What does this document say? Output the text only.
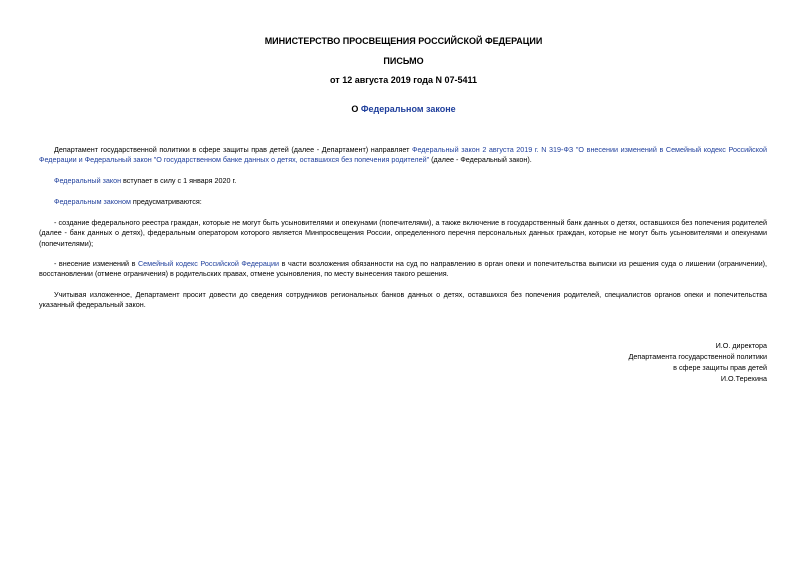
МИНИСТЕРСТВО ПРОСВЕЩЕНИЯ РОССИЙСКОЙ ФЕДЕРАЦИИ
ПИСЬМО
от 12 августа 2019 года N 07-5411
О Федеральном законе
Департамент государственной политики в сфере защиты прав детей (далее - Департамент) направляет Федеральный закон 2 августа 2019 г. N 319-ФЗ "О внесении изменений в Семейный кодекс Российской Федерации и Федеральный закон "О государственном банке данных о детях, оставшихся без попечения родителей" (далее - Федеральный закон).
Федеральный закон вступает в силу с 1 января 2020 г.
Федеральным законом предусматриваются:
- создание федерального реестра граждан, которые не могут быть усыновителями и опекунами (попечителями), а также включение в государственный банк данных о детях, оставшихся без попечения родителей (далее - банк данных о детях), федеральным оператором которого является Минпросвещения России, определенного перечня персональных данных граждан, которые не могут быть усыновителями и опекунами (попечителями);
- внесение изменений в Семейный кодекс Российской Федерации в части возложения обязанности на суд по направлению в орган опеки и попечительства выписки из решения суда о лишении (ограничении), восстановлении (отмене ограничения) в родительских правах, отмене усыновления, по месту вынесения такого решения.
Учитывая изложенное, Департамент просит довести до сведения сотрудников региональных банков данных о детях, оставшихся без попечения родителей, специалистов органов опеки и попечительства указанный федеральный закон.
И.О. директора
Департамента государственной политики
в сфере защиты прав детей
И.О.Терехина
